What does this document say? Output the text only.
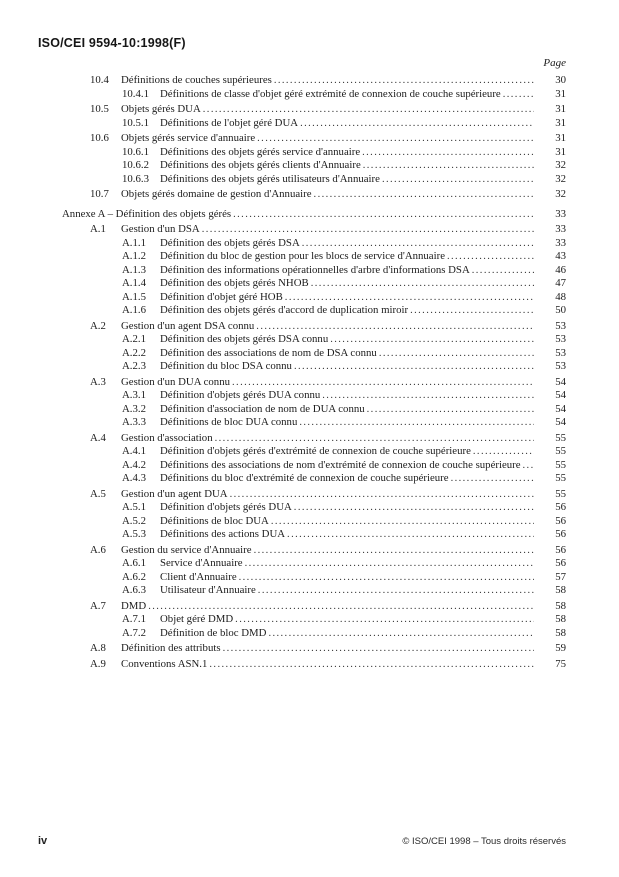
ISO/CEI 9594-10:1998(F)
Page
10.4	Définitions de couches supérieures .....	30
10.4.1	Définitions de classe d'objet géré extrémité de connexion de couche supérieure .....	31
10.5	Objets gérés DUA .....	31
10.5.1	Définitions de l'objet géré DUA .....	31
10.6	Objets gérés service d'annuaire .....	31
10.6.1	Définitions des objets gérés service d'annuaire .....	31
10.6.2	Définitions des objets gérés clients d'Annuaire .....	32
10.6.3	Définitions des objets gérés utilisateurs d'Annuaire .....	32
10.7	Objets gérés domaine de gestion d'Annuaire .....	32
Annexe A – Définition des objets gérés .....	33
A.1	Gestion d'un DSA .....	33
A.1.1	Définition des objets gérés DSA .....	33
A.1.2	Définition du bloc de gestion pour les blocs de service d'Annuaire .....	43
A.1.3	Définition des informations opérationnelles d'arbre d'informations DSA .....	46
A.1.4	Définition des objets gérés NHOB .....	47
A.1.5	Définition d'objet géré HOB .....	48
A.1.6	Définition des objets gérés d'accord de duplication miroir .....	50
A.2	Gestion d'un agent DSA connu .....	53
A.2.1	Définition des objets gérés DSA connu .....	53
A.2.2	Définition des associations de nom de DSA connu .....	53
A.2.3	Définition du bloc DSA connu .....	53
A.3	Gestion d'un DUA connu .....	54
A.3.1	Définition d'objets gérés DUA connu .....	54
A.3.2	Définition d'association de nom de DUA connu .....	54
A.3.3	Définitions de bloc DUA connu .....	54
A.4	Gestion d'association .....	55
A.4.1	Définition d'objets gérés d'extrémité de connexion de couche supérieure .....	55
A.4.2	Définitions des associations de nom d'extrémité de connexion de couche supérieure .....	55
A.4.3	Définitions du bloc d'extrémité de connexion de couche supérieure .....	55
A.5	Gestion d'un agent DUA .....	55
A.5.1	Définition d'objets gérés DUA .....	56
A.5.2	Définitions de bloc DUA .....	56
A.5.3	Définitions des actions DUA .....	56
A.6	Gestion du service d'Annuaire .....	56
A.6.1	Service d'Annuaire .....	56
A.6.2	Client d'Annuaire .....	57
A.6.3	Utilisateur d'Annuaire .....	58
A.7	DMD .....	58
A.7.1	Objet géré DMD .....	58
A.7.2	Définition de bloc DMD .....	58
A.8	Définition des attributs .....	59
A.9	Conventions ASN.1 .....	75
iv	© ISO/CEI 1998 – Tous droits réservés
